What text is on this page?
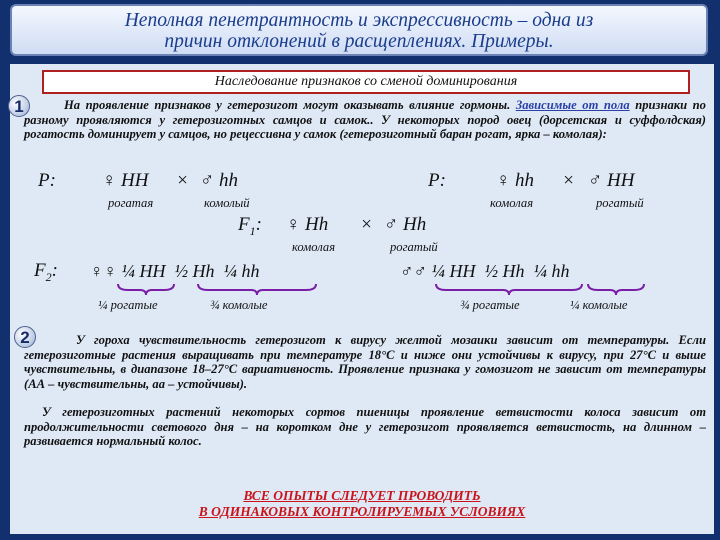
Неполная пенетрантность и экспрессивность – одна из
причин отклонений в расщеплениях. Примеры.
Наследование признаков со сменой доминирования
1	На проявление признаков у гетерозигот могут оказывать влияние гормоны. Зависимые от пола признаки по разному проявляются у гетерозиготных самцов и самок.. У некоторых пород овец (дорсетская и суффолдская) рогатость доминирует у самцов, но рецессивна у самок (гетерозиготный баран рогат, ярка – комолая):
P: ♀ HH × ♂ hh
рогатая	комолый
P:	♀ hh × ♂ HH
комолая	рогатый
$F_1$: ♀ Hh × ♂ Hh
комолая	рогатый
$F_2$: ♀♀ ¼ HH  ½ Hh  ¼ hh	♂♂ ¼ HH  ½ Hh  ¼ hh
¼ рогатые	¾ комолые	¾ рогатые	¼ комолые
2	У гороха чувствительность гетерозигот к вирусу желтой мозаики зависит от температуры. Если гетерозиготные растения выращивать при температуре 18°С и ниже они устойчивы к вирусу, при 27°С и выше чувствительны, в диапазоне 18–27°С вариативность. Проявление признака у гомозигот не зависит от температуры (АА – чувствительны, аа – устойчивы).
У гетерозиготных растений некоторых сортов пшеницы проявление ветвистости колоса зависит от продолжительности светового дня – на коротком дне у гетерозигот проявляется ветвистость, на длинном – развивается нормальный колос.
ВСЕ ОПЫТЫ СЛЕДУЕТ ПРОВОДИТЬ
В ОДИНАКОВЫХ КОНТРОЛИРУЕМЫХ УСЛОВИЯХ
